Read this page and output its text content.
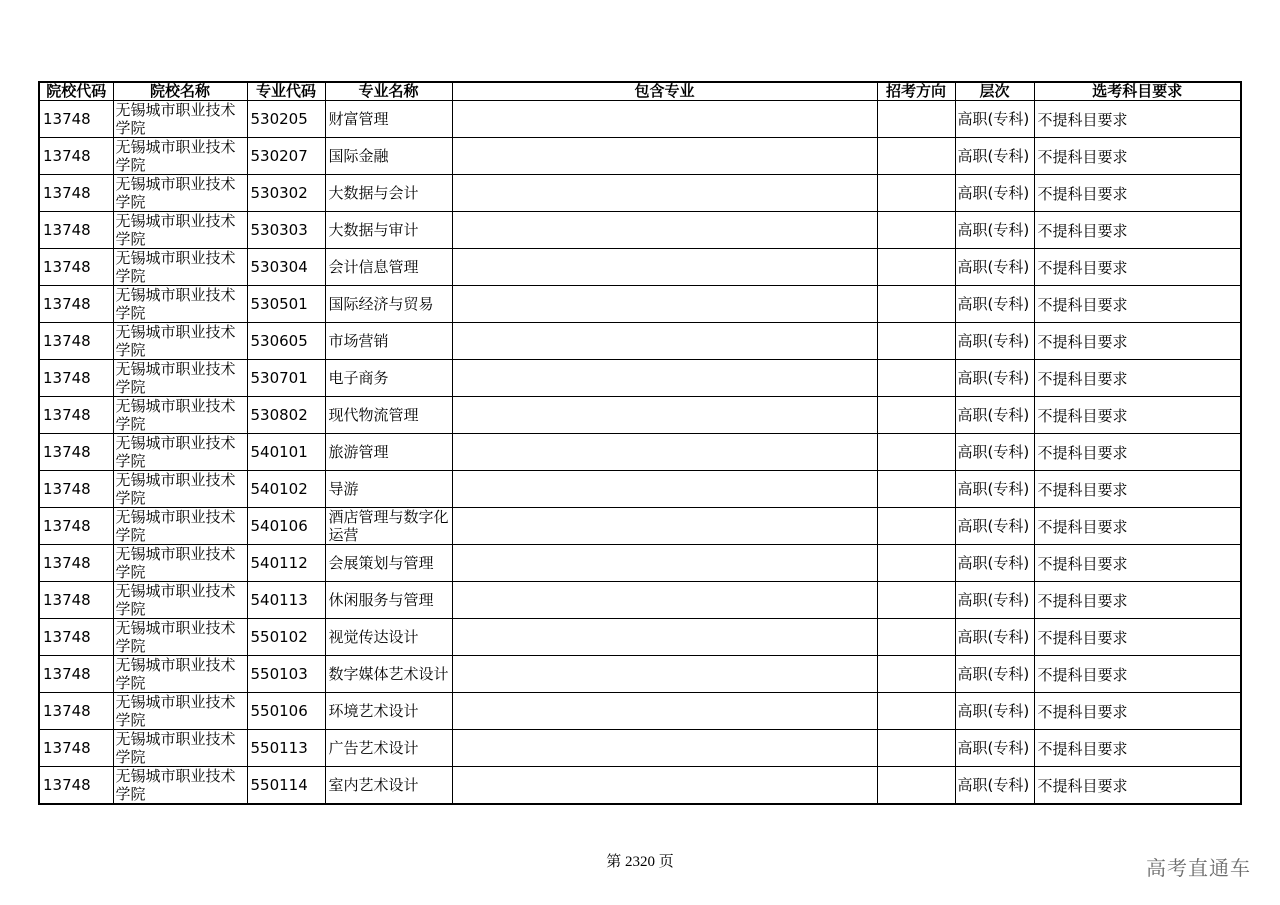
院校代码	院校名称	专业代码	专业名称	包含专业	招考方向	层次	选考科目要求

13748	无锡城市职业技术学院	530205	财富管理			高职(专科)	不提科目要求

13748	无锡城市职业技术学院	530207	国际金融			高职(专科)	不提科目要求

13748	无锡城市职业技术学院	530302	大数据与会计			高职(专科)	不提科目要求

13748	无锡城市职业技术学院	530303	大数据与审计			高职(专科)	不提科目要求

13748	无锡城市职业技术学院	530304	会计信息管理			高职(专科)	不提科目要求

13748	无锡城市职业技术学院	530501	国际经济与贸易			高职(专科)	不提科目要求

13748	无锡城市职业技术学院	530605	市场营销			高职(专科)	不提科目要求

13748	无锡城市职业技术学院	530701	电子商务			高职(专科)	不提科目要求

13748	无锡城市职业技术学院	530802	现代物流管理			高职(专科)	不提科目要求

13748	无锡城市职业技术学院	540101	旅游管理			高职(专科)	不提科目要求

13748	无锡城市职业技术学院	540102	导游			高职(专科)	不提科目要求

13748	无锡城市职业技术学院	540106	酒店管理与数字化运营			高职(专科)	不提科目要求

13748	无锡城市职业技术学院	540112	会展策划与管理			高职(专科)	不提科目要求

13748	无锡城市职业技术学院	540113	休闲服务与管理			高职(专科)	不提科目要求

13748	无锡城市职业技术学院	550102	视觉传达设计			高职(专科)	不提科目要求

13748	无锡城市职业技术学院	550103	数字媒体艺术设计			高职(专科)	不提科目要求

13748	无锡城市职业技术学院	550106	环境艺术设计			高职(专科)	不提科目要求

13748	无锡城市职业技术学院	550113	广告艺术设计			高职(专科)	不提科目要求

13748	无锡城市职业技术学院	550114	室内艺术设计			高职(专科)	不提科目要求
第 2320 页	高考直通车
